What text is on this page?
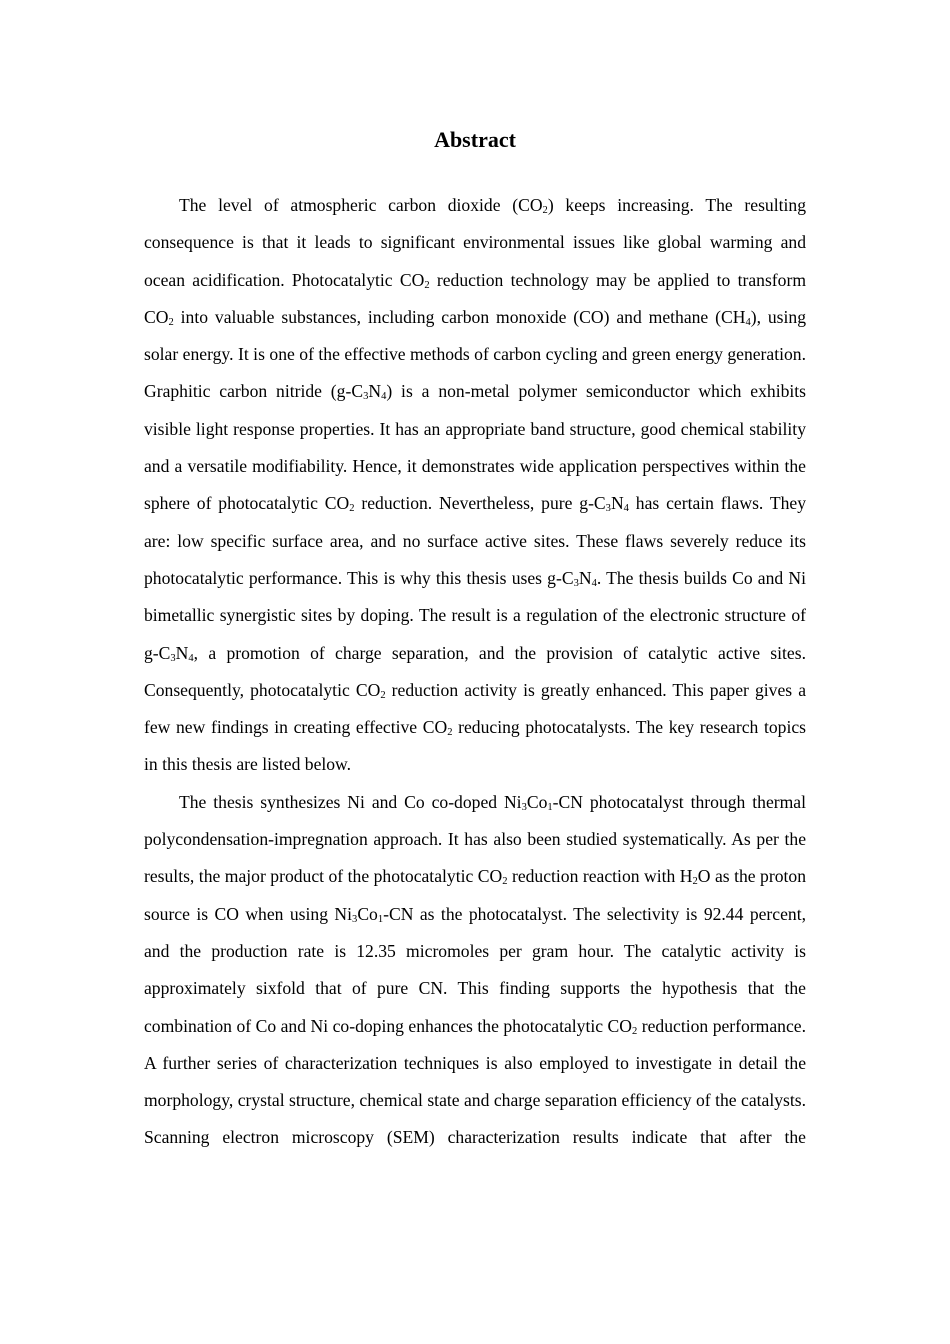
Abstract

The level of atmospheric carbon dioxide $(CO_2)$ keeps increasing. The resulting consequence is that it leads to significant environmental issues like global warming and ocean acidification. Photocatalytic $CO_2$ reduction technology may be applied to transform $CO_2$ into valuable substances, including carbon monoxide (CO) and methane $(CH_4)$, using solar energy. It is one of the effective methods of carbon cycling and green energy generation. Graphitic carbon nitride $(g-C_3N_4)$ is a non-metal polymer semiconductor which exhibits visible light response properties. It has an appropriate band structure, good chemical stability and a versatile modifiability. Hence, it demonstrates wide application perspectives within the sphere of photocatalytic $CO_2$ reduction. Nevertheless, pure $g-C_3N_4$ has certain flaws. They are: low specific surface area, and no surface active sites. These flaws severely reduce its photocatalytic performance. This is why this thesis uses $g-C_3N_4$. The thesis builds Co and Ni bimetallic synergistic sites by doping. The result is a regulation of the electronic structure of $g-C_3N_4$, a promotion of charge separation, and the provision of catalytic active sites. Consequently, photocatalytic $CO_2$ reduction activity is greatly enhanced. This paper gives a few new findings in creating effective $CO_2$ reducing photocatalysts. The key research topics in this thesis are listed below.

The thesis synthesizes Ni and Co co-doped $Ni_3Co_1-CN$ photocatalyst through thermal polycondensation-impregnation approach. It has also been studied systematically. As per the results, the major product of the photocatalytic $CO_2$ reduction reaction with $H_2O$ as the proton source is CO when using $Ni_3Co_1-CN$ as the photocatalyst. The selectivity is 92.44 percent, and the production rate is 12.35 micromoles per gram hour. The catalytic activity is approximately sixfold that of pure CN. This finding supports the hypothesis that the combination of Co and Ni co-doping enhances the photocatalytic $CO_2$ reduction performance. A further series of characterization techniques is also employed to investigate in detail the morphology, crystal structure, chemical state and charge separation efficiency of the catalysts. Scanning electron microscopy (SEM) characterization results indicate that after the
